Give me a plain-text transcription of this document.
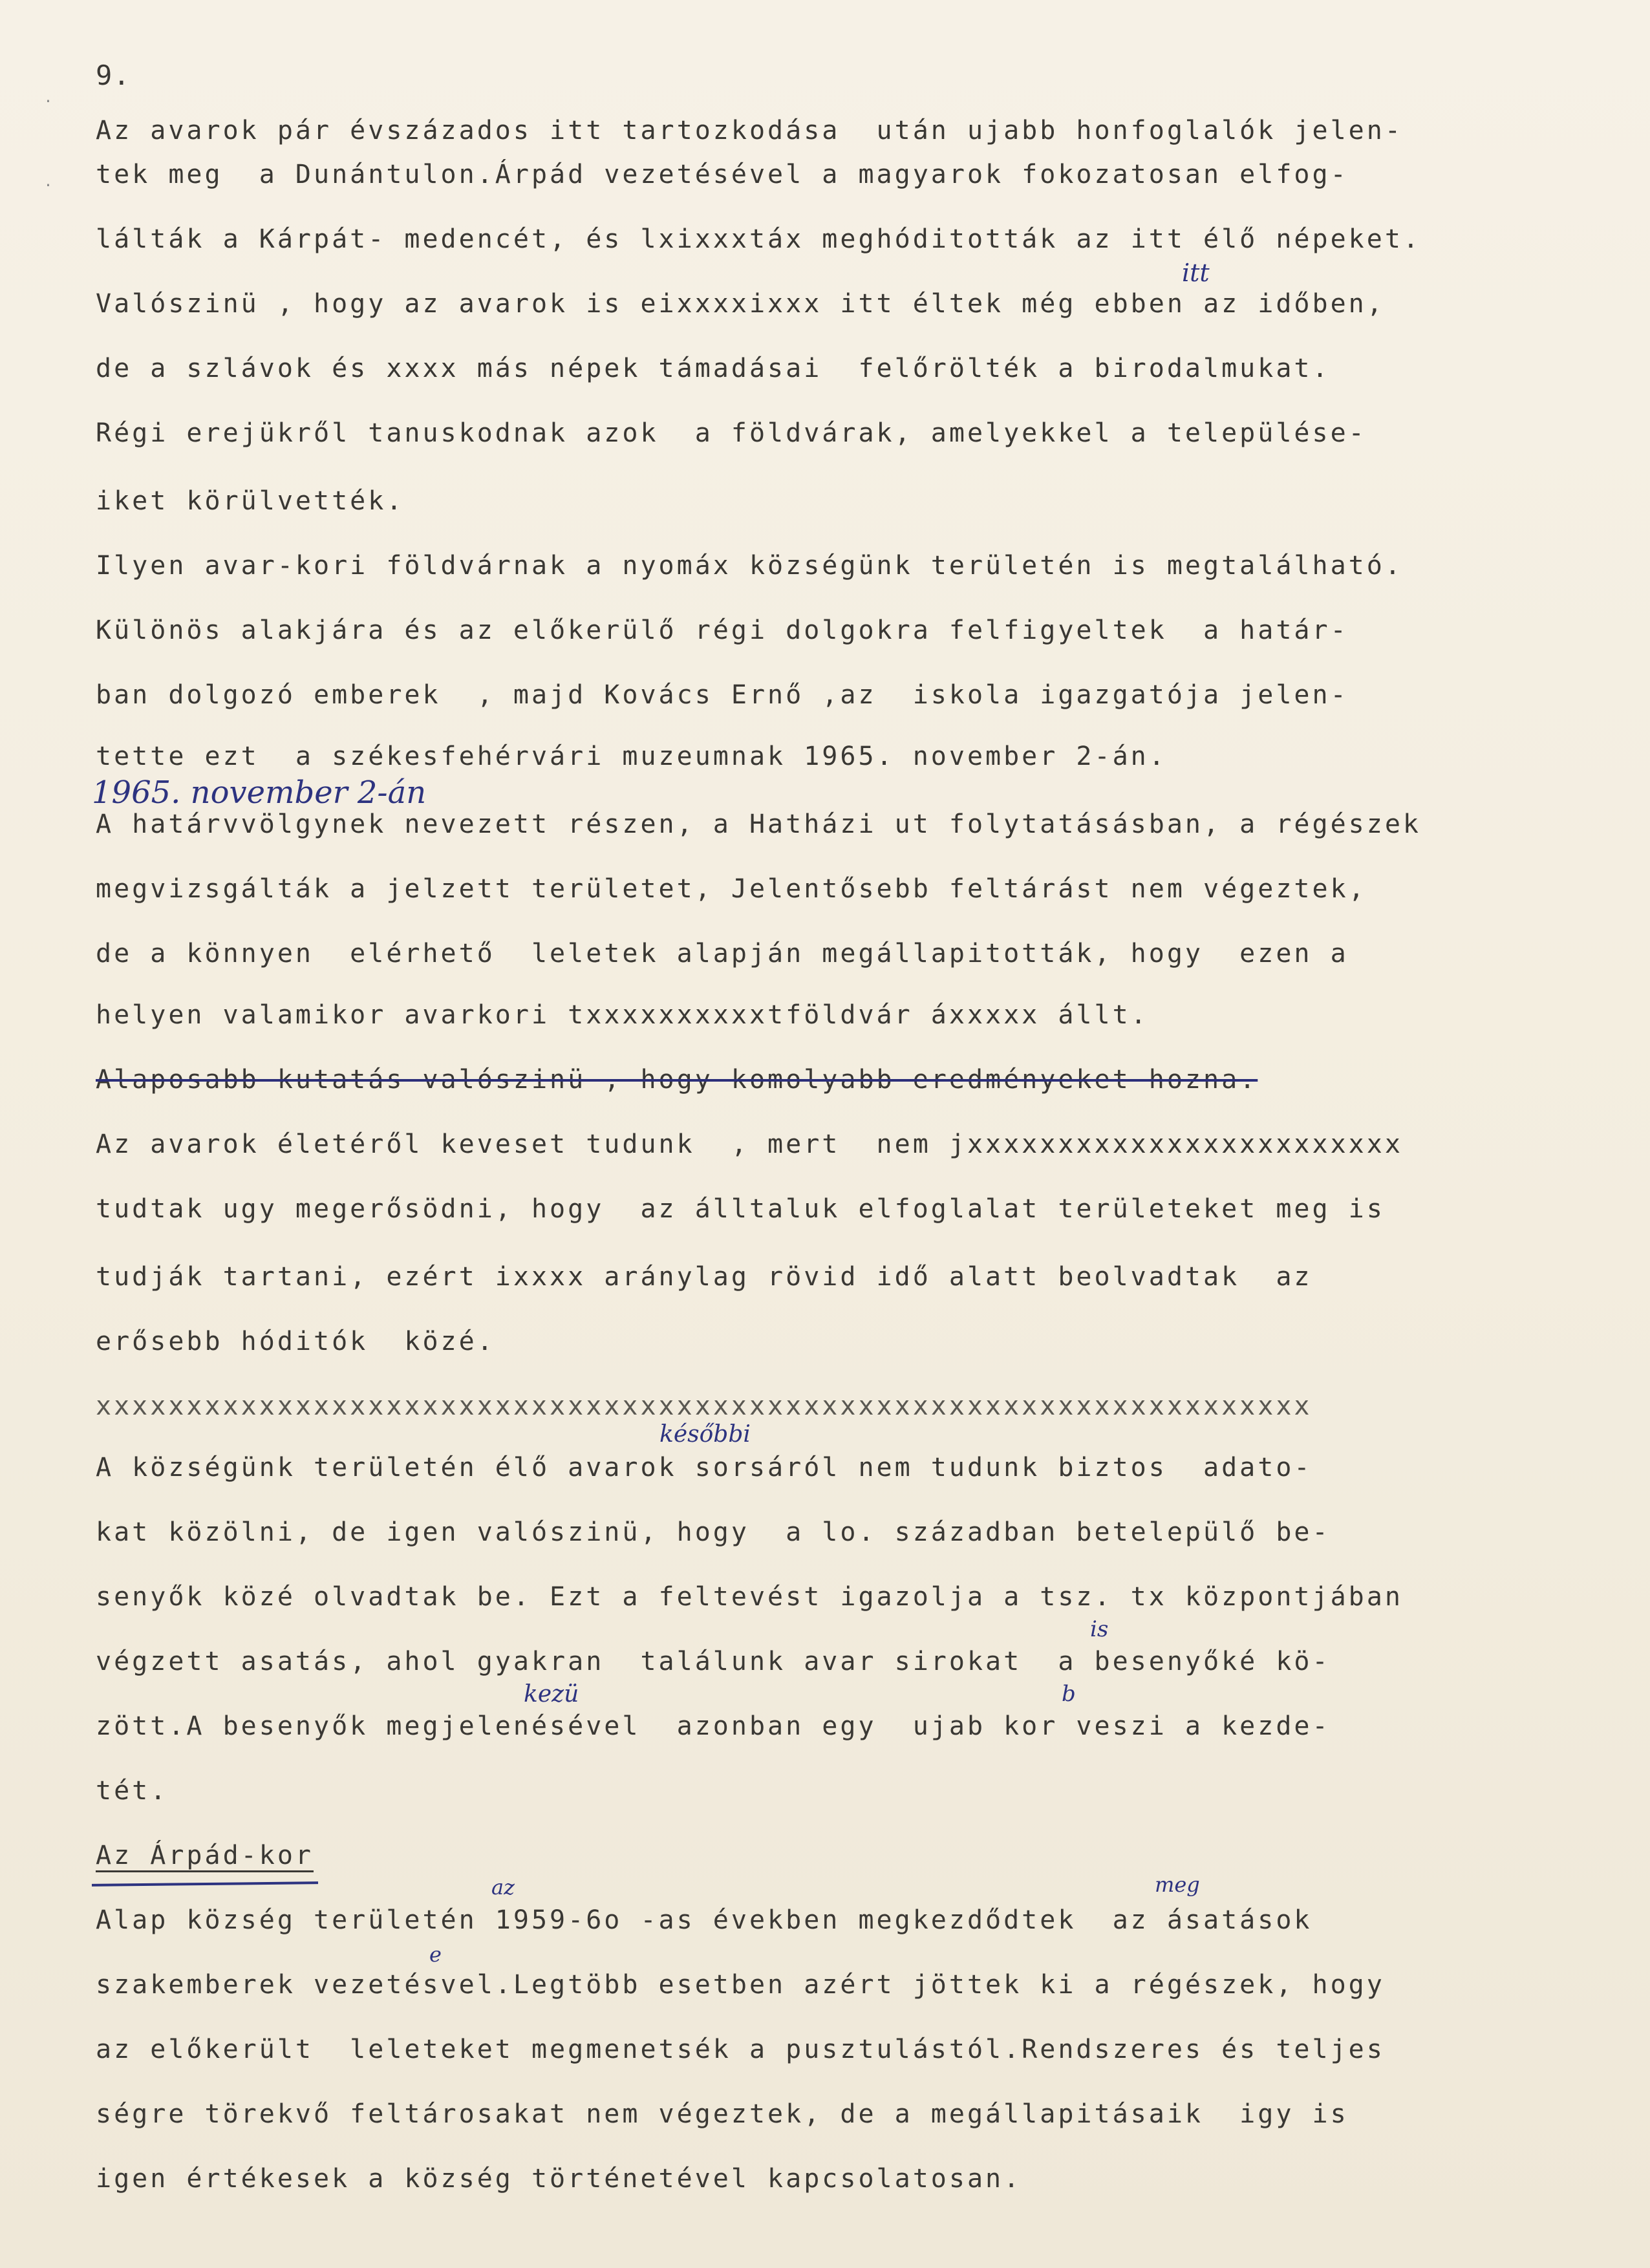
9.
Az avarok pár évszázados itt tartozkodása  után ujabb honfoglalók jelen-
tek meg  a Dunántulon.Árpád vezetésével a magyarok fokozatosan elfog-
lálták a Kárpát- medencét, és lxixxxtáx meghóditották az itt élő népeket.
Valószinü , hogy az avarok is eixxxxixxx itt éltek még ebben az időben,
de a szlávok és xxxx más népek támadásai  felőrölték a birodalmukat.
Régi erejükről tanuskodnak azok  a földvárak, amelyekkel a települése-
iket körülvették.
Ilyen avar-kori földvárnak a nyomáx községünk területén is megtalálható.
Különös alakjára és az előkerülő régi dolgokra felfigyeltek  a határ-
ban dolgozó emberek  , majd Kovács Ernő ,az  iskola igazgatója jelen-
tette ezt  a székesfehérvári muzeumnak 1965. november 2-án.
A határvvölgynek nevezett részen, a Hatházi ut folytatásásban, a régészek
megvizsgálták a jelzett területet, Jelentősebb feltárást nem végeztek,
de a könnyen  elérhető  leletek alapján megállapitották, hogy  ezen a
helyen valamikor avarkori txxxxxxxxxxtföldvár áxxxxx állt.
Alaposabb kutatás valószinü , hogy komolyabb eredményeket hozna.
Az avarok életéről keveset tudunk  , mert  nem jxxxxxxxxxxxxxxxxxxxxxxxx
tudtak ugy megerősödni, hogy  az álltaluk elfoglalat területeket meg is
tudják tartani, ezért ixxxx aránylag rövid idő alatt beolvadtak  az
erősebb hóditók  közé.
xxxxxxxxxxxxxxxxxxxxxxxxxxxxxxxxxxxxxxxxxxxxxxxxxxxxxxxxxxxxxxxxxxx
A községünk területén élő avarok sorsáról nem tudunk biztos  adato-
kat közölni, de igen valószinü, hogy  a lo. században betelepülő be-
senyők közé olvadtak be. Ezt a feltevést igazolja a tsz. tx központjában
végzett asatás, ahol gyakran  találunk avar sirokat  a besenyőké kö-
zött.A besenyők megjelenésével  azonban egy  ujab kor veszi a kezde-
tét.
Az Árpád-kor
Alap község területén 1959-6o -as években megkezdődtek  az ásatások
szakemberek vezetésvel.Legtöbb esetben azért jöttek ki a régészek, hogy
az előkerült  leleteket megmenetsék a pusztulástól.Rendszeres és teljes
ségre törekvő feltárosakat nem végeztek, de a megállapitásaik  igy is
igen értékesek a község történetével kapcsolatosan.
itt
1965. november 2-án
későbbi
is
kezü	b
az	meg
e
·
·
